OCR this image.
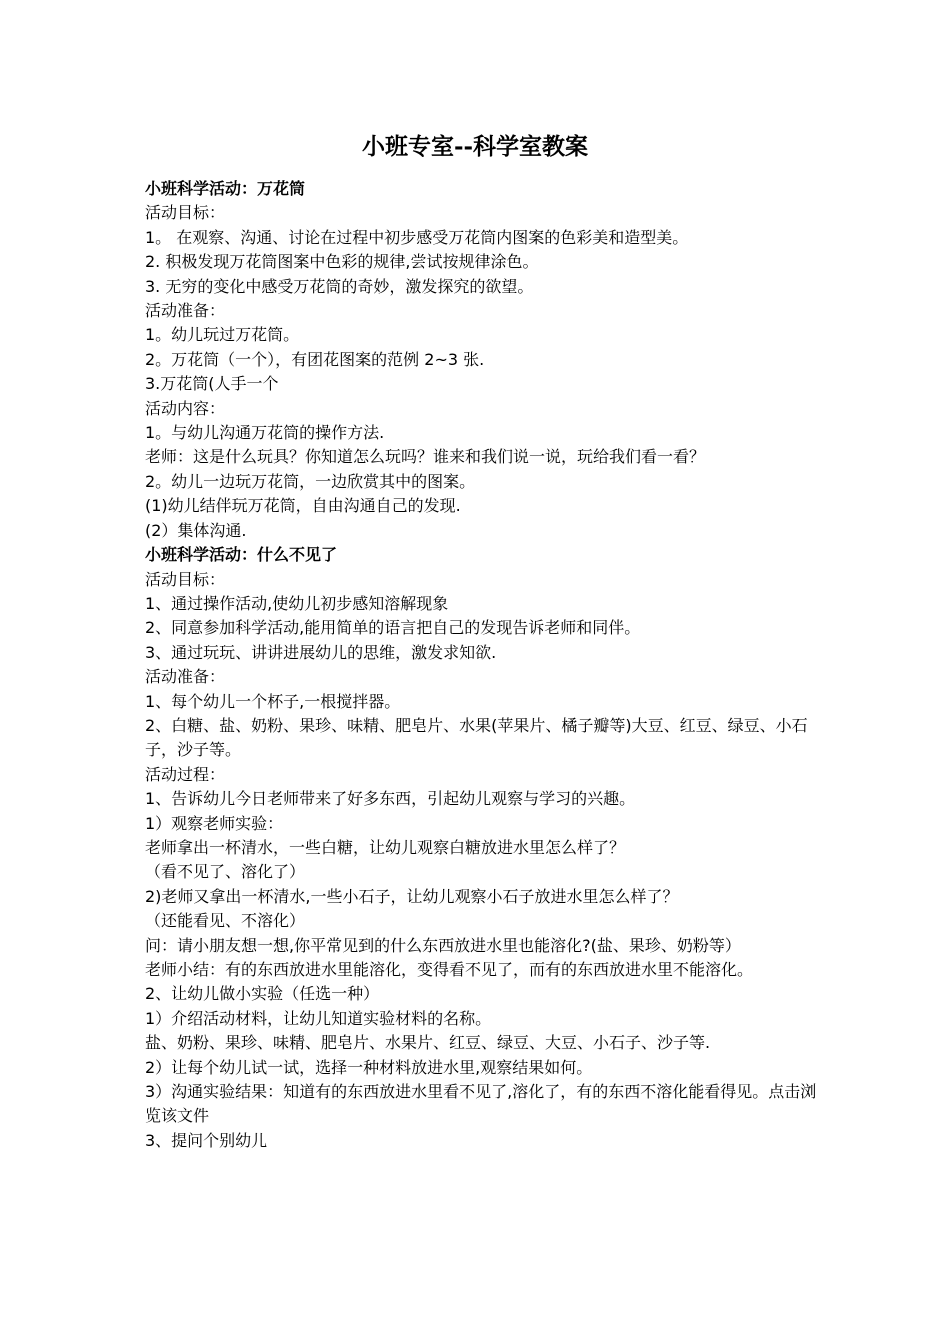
小班专室--科学室教案

小班科学活动：万花筒

活动目标：

1。 在观察、沟通、讨论在过程中初步感受万花筒内图案的色彩美和造型美。

2. 积极发现万花筒图案中色彩的规律,尝试按规律涂色。

3. 无穷的变化中感受万花筒的奇妙，激发探究的欲望。

活动准备：

1。幼儿玩过万花筒。

2。万花筒（一个），有团花图案的范例 2~3 张.

3.万花筒(人手一个

活动内容：

1。与幼儿沟通万花筒的操作方法.

老师：这是什么玩具？你知道怎么玩吗？谁来和我们说一说，玩给我们看一看？

2。幼儿一边玩万花筒，一边欣赏其中的图案。

(1)幼儿结伴玩万花筒，自由沟通自己的发现.

(2）集体沟通.

小班科学活动：什么不见了

活动目标：

1、通过操作活动,使幼儿初步感知溶解现象

2、同意参加科学活动,能用简单的语言把自己的发现告诉老师和同伴。

3、通过玩玩、讲讲进展幼儿的思维，激发求知欲.

活动准备：

1、每个幼儿一个杯子,一根搅拌器。

2、白糖、盐、奶粉、果珍、味精、肥皂片、水果(苹果片、橘子瓣等)大豆、红豆、绿豆、小石子，沙子等。

活动过程：

1、告诉幼儿今日老师带来了好多东西，引起幼儿观察与学习的兴趣。

1）观察老师实验：

老师拿出一杯清水，一些白糖，让幼儿观察白糖放进水里怎么样了？

（看不见了、溶化了）

2)老师又拿出一杯清水,一些小石子，让幼儿观察小石子放进水里怎么样了？

（还能看见、不溶化）

问：请小朋友想一想,你平常见到的什么东西放进水里也能溶化?(盐、果珍、奶粉等）

老师小结：有的东西放进水里能溶化，变得看不见了，而有的东西放进水里不能溶化。

2、让幼儿做小实验（任选一种）

1）介绍活动材料，让幼儿知道实验材料的名称。

盐、奶粉、果珍、味精、肥皂片、水果片、红豆、绿豆、大豆、小石子、沙子等.

2）让每个幼儿试一试，选择一种材料放进水里,观察结果如何。

3）沟通实验结果：知道有的东西放进水里看不见了,溶化了，有的东西不溶化能看得见。点击浏览该文件

3、提问个别幼儿
